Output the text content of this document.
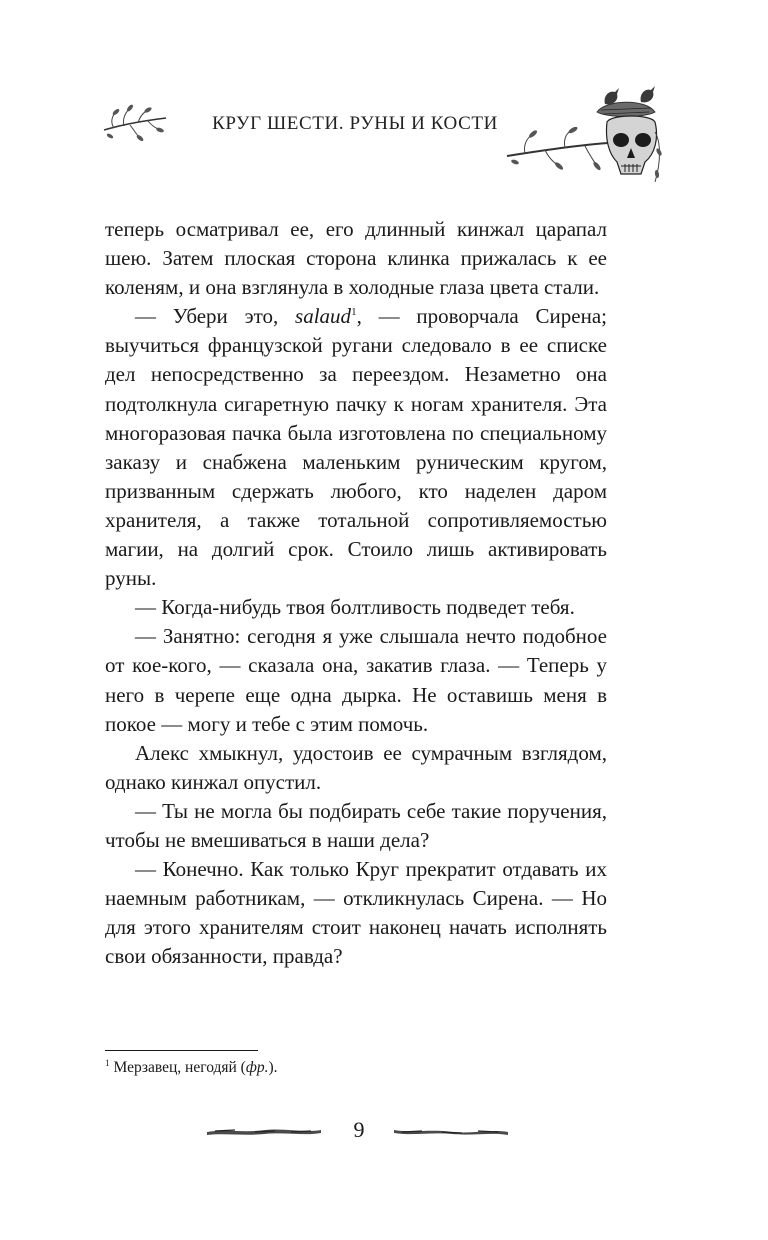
КРУГ ШЕСТИ. РУНЫ И КОСТИ

теперь осматривал ее, его длинный кинжал царапал шею. Затем плоская сторона клинка прижалась к ее коленям, и она взглянула в холодные глаза цвета стали.

— Убери это, salaud$^1$, — проворчала Сирена; выучиться французской ругани следовало в ее списке дел непосредственно за переездом. Незаметно она подтолкнула сигаретную пачку к ногам хранителя. Эта многоразовая пачка была изготовлена по специальному заказу и снабжена маленьким руническим кругом, призванным сдержать любого, кто наделен даром хранителя, а также тотальной сопротивляемостью магии, на долгий срок. Стоило лишь активировать руны.

— Когда-нибудь твоя болтливость подведет тебя.

— Занятно: сегодня я уже слышала нечто подобное от кое-кого, — сказала она, закатив глаза. — Теперь у него в черепе еще одна дырка. Не оставишь меня в покое — могу и тебе с этим помочь.

Алекс хмыкнул, удостоив ее сумрачным взглядом, однако кинжал опустил.

— Ты не могла бы подбирать себе такие поручения, чтобы не вмешиваться в наши дела?

— Конечно. Как только Круг прекратит отдавать их наемным работникам, — откликнулась Сирена. — Но для этого хранителям стоит наконец начать исполнять свои обязанности, правда?

$^1$ Мерзавец, негодяй (фр.).
9
